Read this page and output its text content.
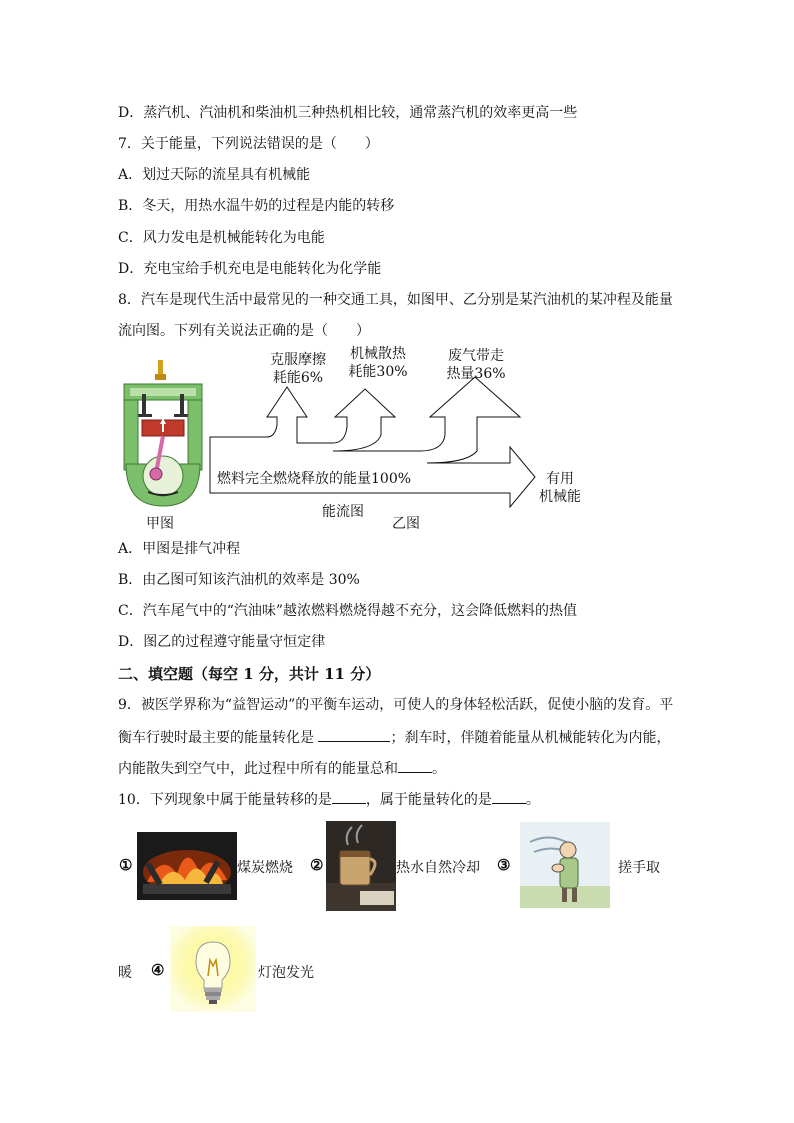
D．蒸汽机、汽油机和柴油机三种热机相比较，通常蒸汽机的效率更高一些
7．关于能量，下列说法错误的是（　　）
A．划过天际的流星具有机械能
B．冬天，用热水温牛奶的过程是内能的转移
C．风力发电是机械能转化为电能
D．充电宝给手机充电是电能转化为化学能
8．汽车是现代生活中最常见的一种交通工具，如图甲、乙分别是某汽油机的某冲程及能量
流向图。下列有关说法正确的是（　　）
克服摩擦
耗能6%
机械散热
耗能30%
废气带走
热量36%
燃料完全燃烧释放的能量100%	有用
机械能
甲图
能流图
乙图
A．甲图是排气冲程
B．由乙图可知该汽油机的效率是 30%
C．汽车尾气中的“汽油味”越浓燃料燃烧得越不充分，这会降低燃料的热值
D．图乙的过程遵守能量守恒定律
二、填空题（每空 1 分，共计 11 分）
9．被医学界称为“益智运动”的平衡车运动，可使人的身体轻松活跃，促使小脑的发育。平
衡车行驶时最主要的能量转化是	；刹车时，伴随着能量从机械能转化为内能，
内能散失到空气中，此过程中所有的能量总和 。
10．下列现象中属于能量转移的是 ，属于能量转化的是 。
①	煤炭燃烧 ②	热水自然冷却 ③	搓手取
暖 ④	灯泡发光
